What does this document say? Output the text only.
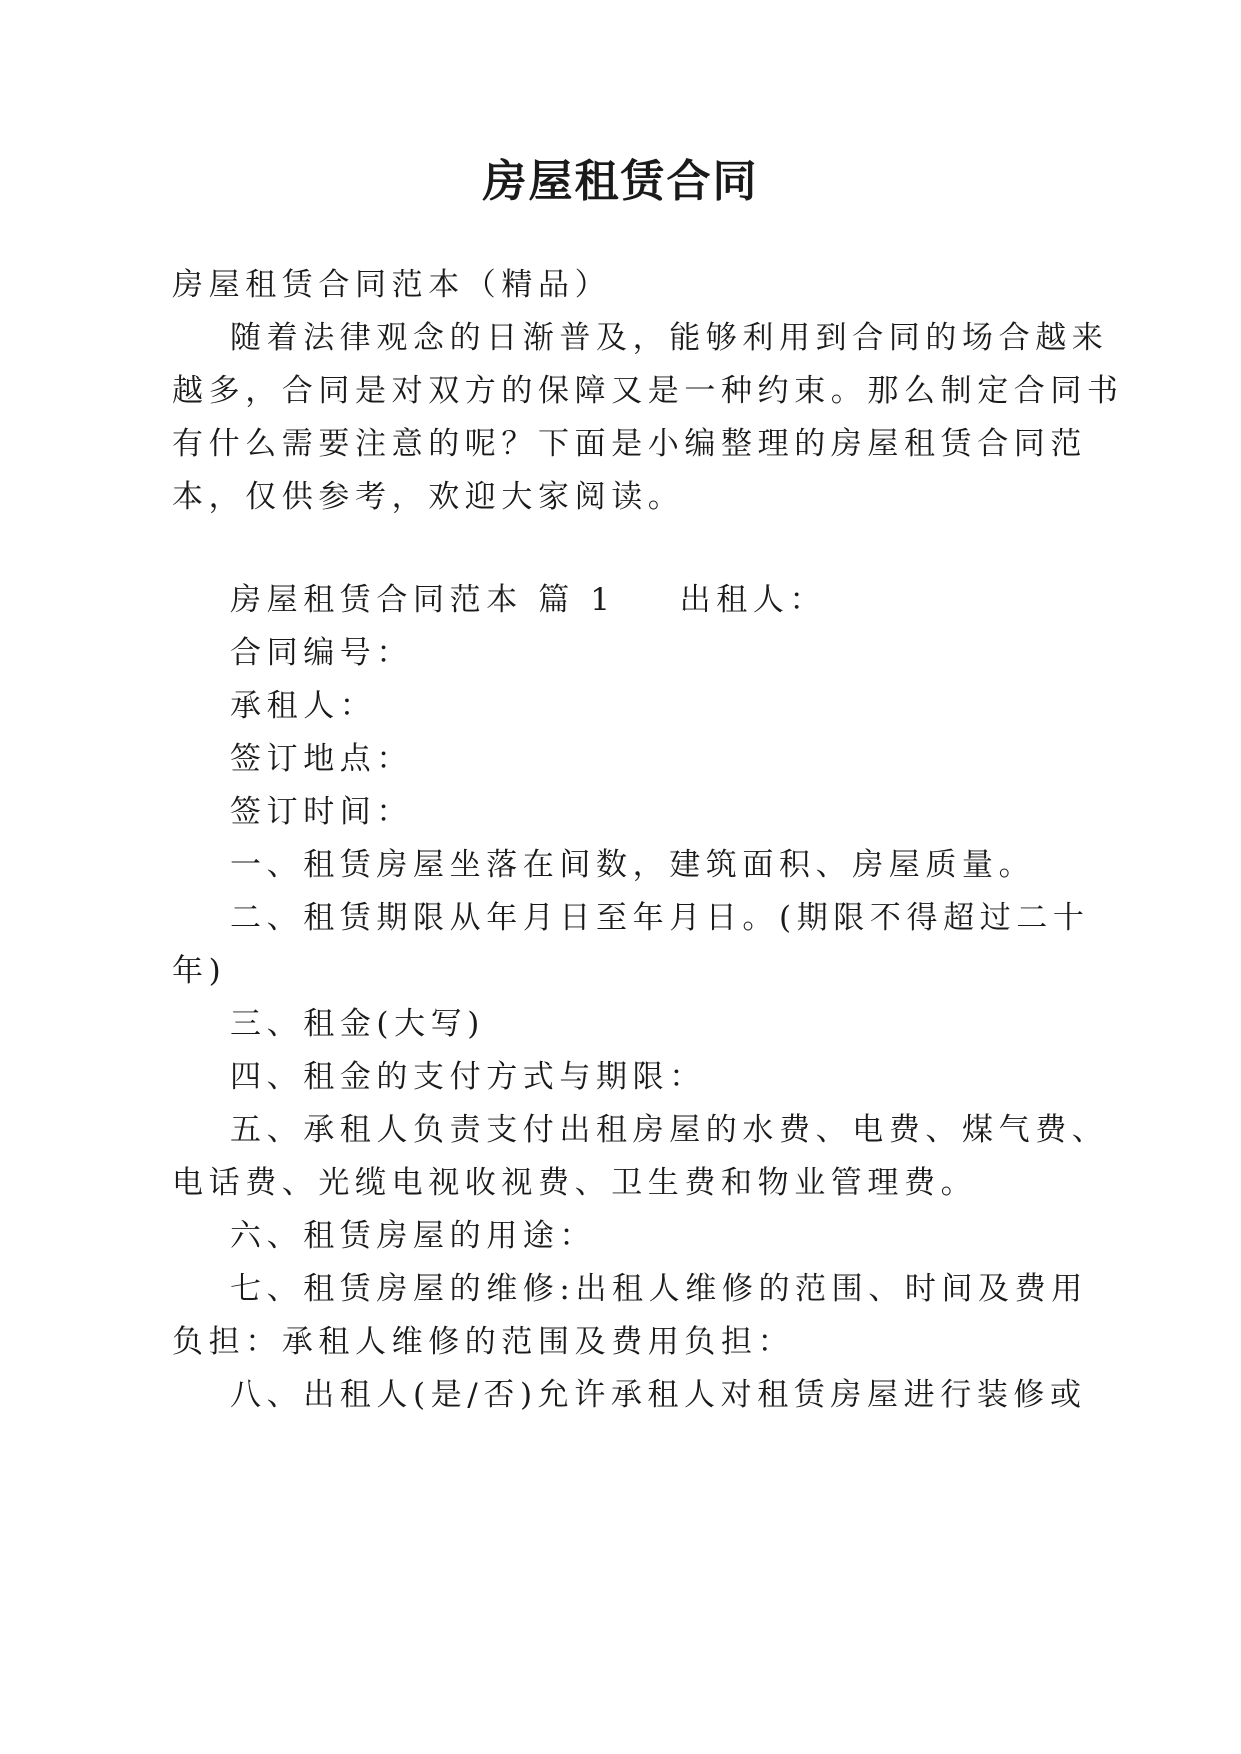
房屋租赁合同
房屋租赁合同范本（精品）
随着法律观念的日渐普及，能够利用到合同的场合越来
越多，合同是对双方的保障又是一种约束。那么制定合同书
有什么需要注意的呢？下面是小编整理的房屋租赁合同范
本，仅供参考，欢迎大家阅读。
房屋租赁合同范本 篇 1 出租人：
合同编号：
承租人：
签订地点：
签订时间：
一、租赁房屋坐落在间数，建筑面积、房屋质量。
二、租赁期限从年月日至年月日。(期限不得超过二十
年)
三、租金(大写)
四、租金的支付方式与期限：
五、承租人负责支付出租房屋的水费、电费、煤气费、
电话费、光缆电视收视费、卫生费和物业管理费。
六、租赁房屋的用途：
七、租赁房屋的维修:出租人维修的范围、时间及费用
负担：承租人维修的范围及费用负担：
八、出租人(是/否)允许承租人对租赁房屋进行装修或
